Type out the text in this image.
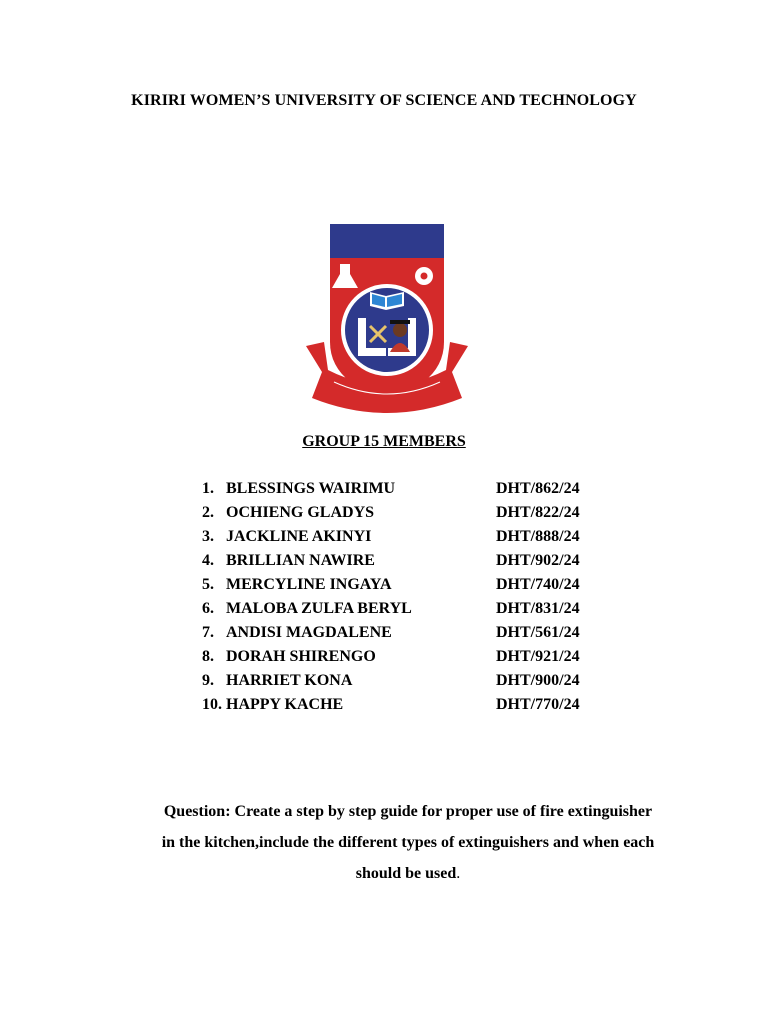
KIRIRI WOMEN’S UNIVERSITY OF SCIENCE AND TECHNOLOGY
GROUP 15 MEMBERS
1. BLESSINGS WAIRIMU	DHT/862/24
2. OCHIENG GLADYS	DHT/822/24
3. JACKLINE AKINYI	DHT/888/24
4. BRILLIAN NAWIRE	DHT/902/24
5. MERCYLINE INGAYA	DHT/740/24
6. MALOBA ZULFA BERYL	DHT/831/24
7. ANDISI MAGDALENE	DHT/561/24
8. DORAH SHIRENGO	DHT/921/24
9. HARRIET KONA	DHT/900/24
10. HAPPY KACHE	DHT/770/24
Question: Create a step by step guide for proper use of fire extinguisher
in the kitchen,include the different types of extinguishers and when each
should be used.
